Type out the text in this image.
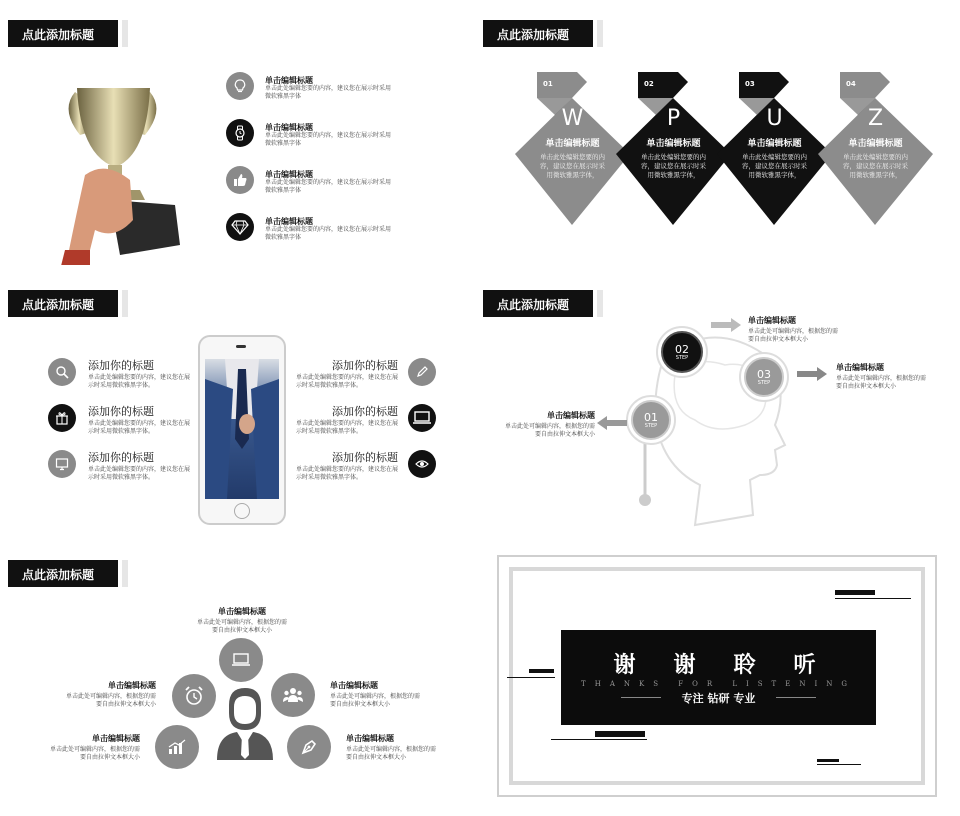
点此添加标题
单击编辑标题
单击此处编辑您要的内容，建议您在展示时采用微软雅黑字体
单击编辑标题
单击此处编辑您要的内容，建议您在展示时采用微软雅黑字体
单击编辑标题
单击此处编辑您要的内容，建议您在展示时采用微软雅黑字体
单击编辑标题
单击此处编辑您要的内容，建议您在展示时采用微软雅黑字体
点此添加标题
01
W
单击编辑标题
单击此处编辑您要的内容，建议您在展示时采用微软雅黑字体，
02
P
单击编辑标题
单击此处编辑您要的内容，建议您在展示时采用微软雅黑字体，
03
U
单击编辑标题
单击此处编辑您要的内容，建议您在展示时采用微软雅黑字体，
04
Z
单击编辑标题
单击此处编辑您要的内容，建议您在展示时采用微软雅黑字体，
点此添加标题
添加你的标题
单击此处编辑您要的内容，建议您在展示时采用微软雅黑字体。
添加你的标题
单击此处编辑您要的内容，建议您在展示时采用微软雅黑字体。
添加你的标题
单击此处编辑您要的内容，建议您在展示时采用微软雅黑字体。
添加你的标题
单击此处编辑您要的内容，建议您在展示时采用微软雅黑字体。
添加你的标题
单击此处编辑您要的内容，建议您在展示时采用微软雅黑字体。
添加你的标题
单击此处编辑您要的内容，建议您在展示时采用微软雅黑字体。
点此添加标题
01
STEP
单击编辑标题
单击此处可编辑内容，根据您的需要自由拉伸文本框大小
02
STEP
单击编辑标题
单击此处可编辑内容，根据您的需要自由拉伸文本框大小
03
STEP
单击编辑标题
单击此处可编辑内容，根据您的需要自由拉伸文本框大小
点此添加标题
单击编辑标题
单击此处可编辑内容，根据您的需要自由拉伸文本框大小
单击编辑标题
单击此处可编辑内容，根据您的需要自由拉伸文本框大小
单击编辑标题
单击此处可编辑内容，根据您的需要自由拉伸文本框大小
单击编辑标题
单击此处可编辑内容，根据您的需要自由拉伸文本框大小
单击编辑标题
单击此处可编辑内容，根据您的需要自由拉伸文本框大小
谢　谢　聆　听
THANKS FOR LISTENING
专注 钻研 专业
